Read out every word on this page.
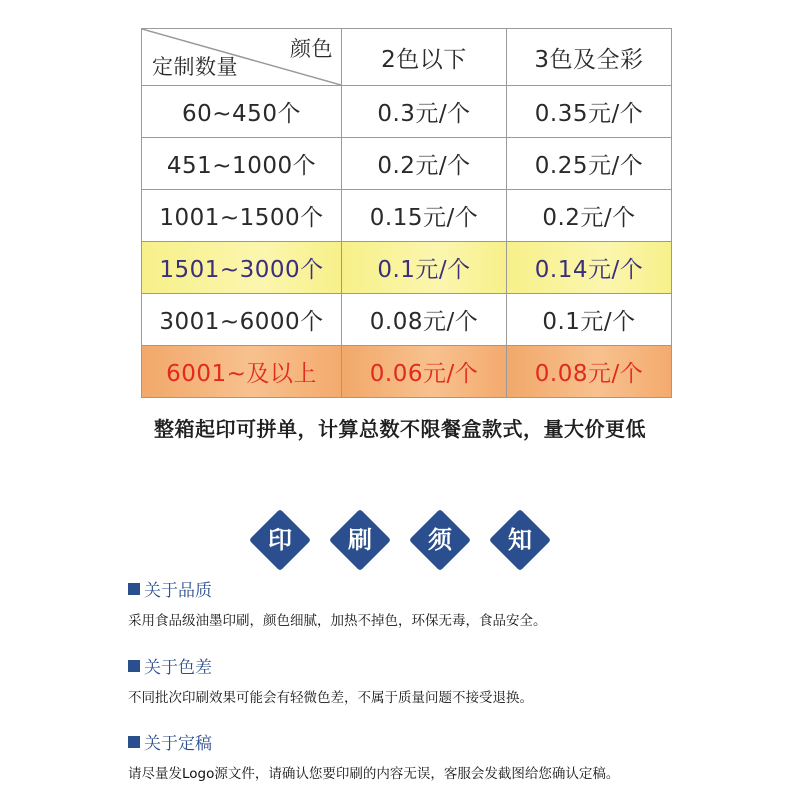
颜色
定制数量	2色以下	3色及全彩
60~450个	0.3元/个	0.35元/个
451~1000个	0.2元/个	0.25元/个
1001~1500个	0.15元/个	0.2元/个
1501~3000个	0.1元/个	0.14元/个
3001~6000个	0.08元/个	0.1元/个
6001~及以上	0.06元/个	0.08元/个
整箱起印可拼单，计算总数不限餐盒款式，量大价更低
印	刷	须	知
关于品质
采用食品级油墨印刷，颜色细腻，加热不掉色，环保无毒，食品安全。
关于色差
不同批次印刷效果可能会有轻微色差，不属于质量问题不接受退换。
关于定稿
请尽量发Logo源文件，请确认您要印刷的内容无误，客服会发截图给您确认定稿。
